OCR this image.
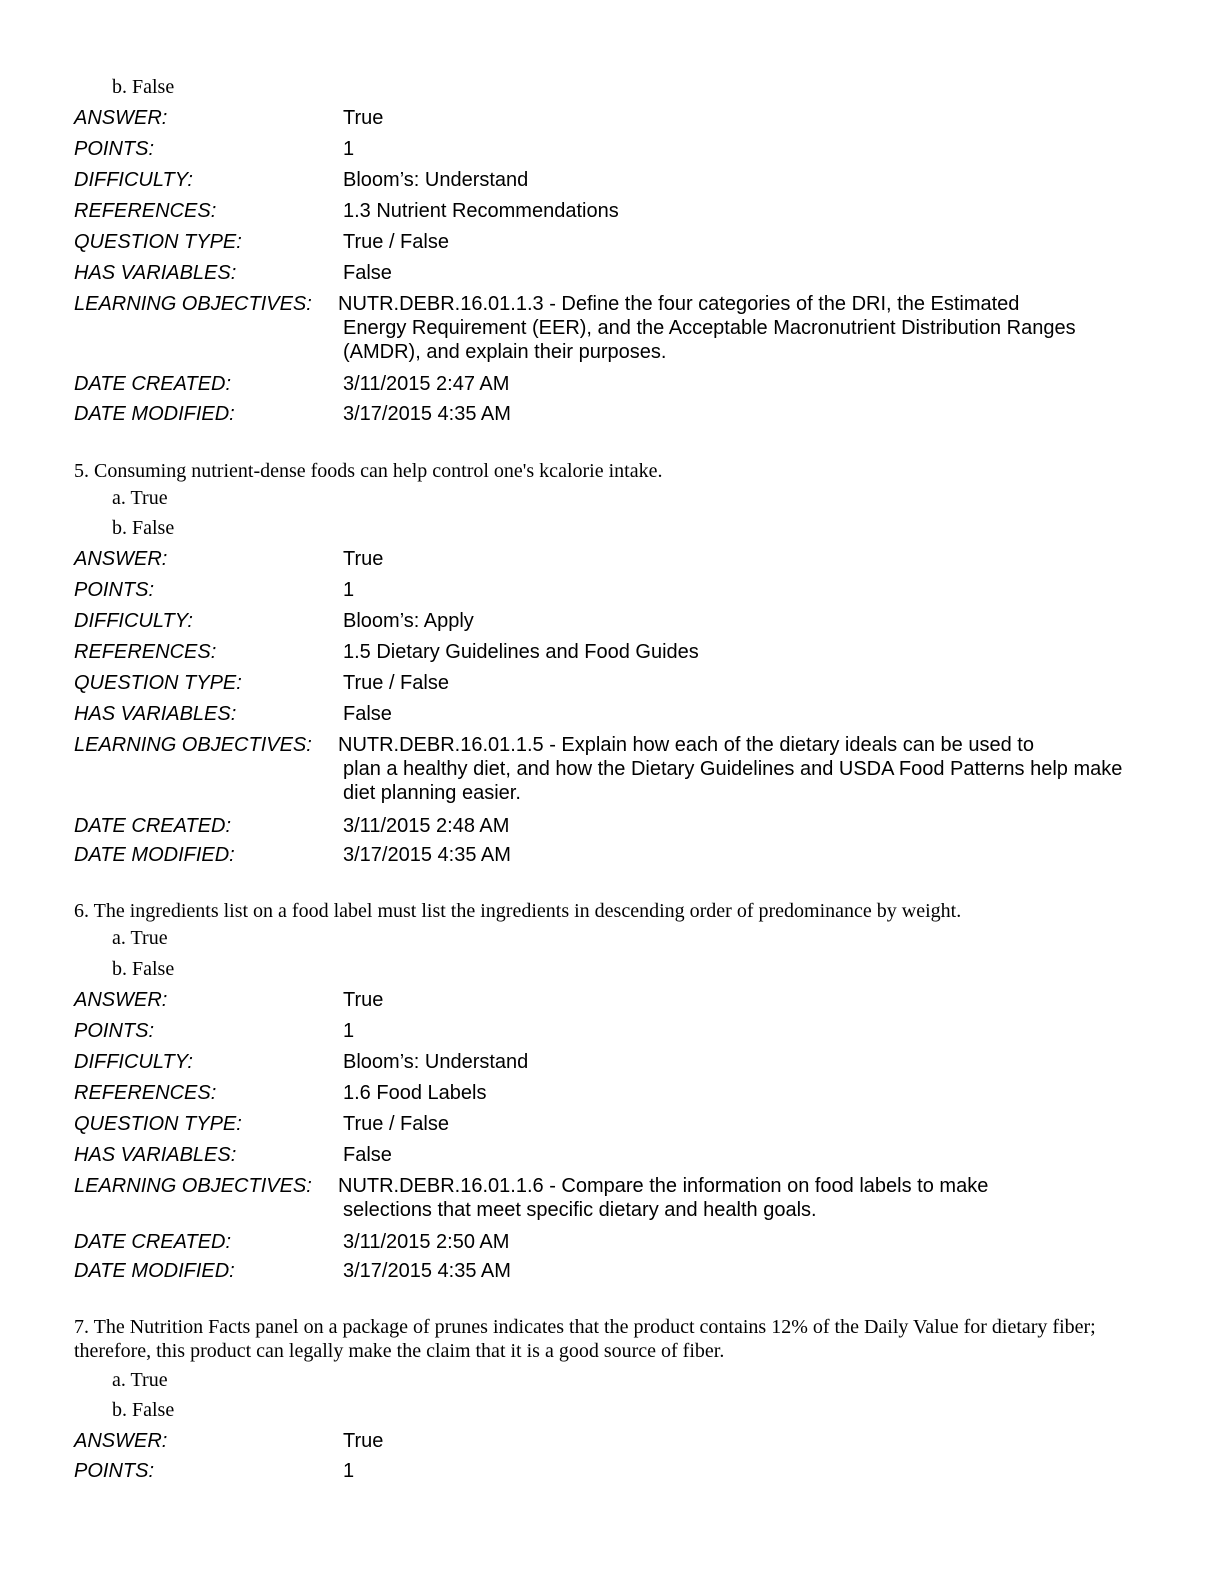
b. False
ANSWER:	True
POINTS:	1
DIFFICULTY:	Bloom’s: Understand
REFERENCES:	1.3 Nutrient Recommendations
QUESTION TYPE:	True / False
HAS VARIABLES:	False
LEARNING OBJECTIVES: NUTR.DEBR.16.01.1.3 - Define the four categories of the DRI, the Estimated
Energy Requirement (EER), and the Acceptable Macronutrient Distribution Ranges (AMDR), and explain their purposes.
DATE CREATED:	3/11/2015 2:47 AM
DATE MODIFIED:	3/17/2015 4:35 AM
5. Consuming nutrient-dense foods can help control one's kcalorie intake.
a. True
b. False
ANSWER:	True
POINTS:	1
DIFFICULTY:	Bloom’s: Apply
REFERENCES:	1.5 Dietary Guidelines and Food Guides
QUESTION TYPE:	True / False
HAS VARIABLES:	False
LEARNING OBJECTIVES: NUTR.DEBR.16.01.1.5 - Explain how each of the dietary ideals can be used to
plan a healthy diet, and how the Dietary Guidelines and USDA Food Patterns help make diet planning easier.
DATE CREATED:	3/11/2015 2:48 AM
DATE MODIFIED:	3/17/2015 4:35 AM
6. The ingredients list on a food label must list the ingredients in descending order of predominance by weight.
a. True
b. False
ANSWER:	True
POINTS:	1
DIFFICULTY:	Bloom’s: Understand
REFERENCES:	1.6 Food Labels
QUESTION TYPE:	True / False
HAS VARIABLES:	False
LEARNING OBJECTIVES: NUTR.DEBR.16.01.1.6 - Compare the information on food labels to make
selections that meet specific dietary and health goals.
DATE CREATED:	3/11/2015 2:50 AM
DATE MODIFIED:	3/17/2015 4:35 AM
7. The Nutrition Facts panel on a package of prunes indicates that the product contains 12% of the Daily Value for dietary fiber; therefore, this product can legally make the claim that it is a good source of fiber.
a. True
b. False
ANSWER:	True
POINTS:	1
